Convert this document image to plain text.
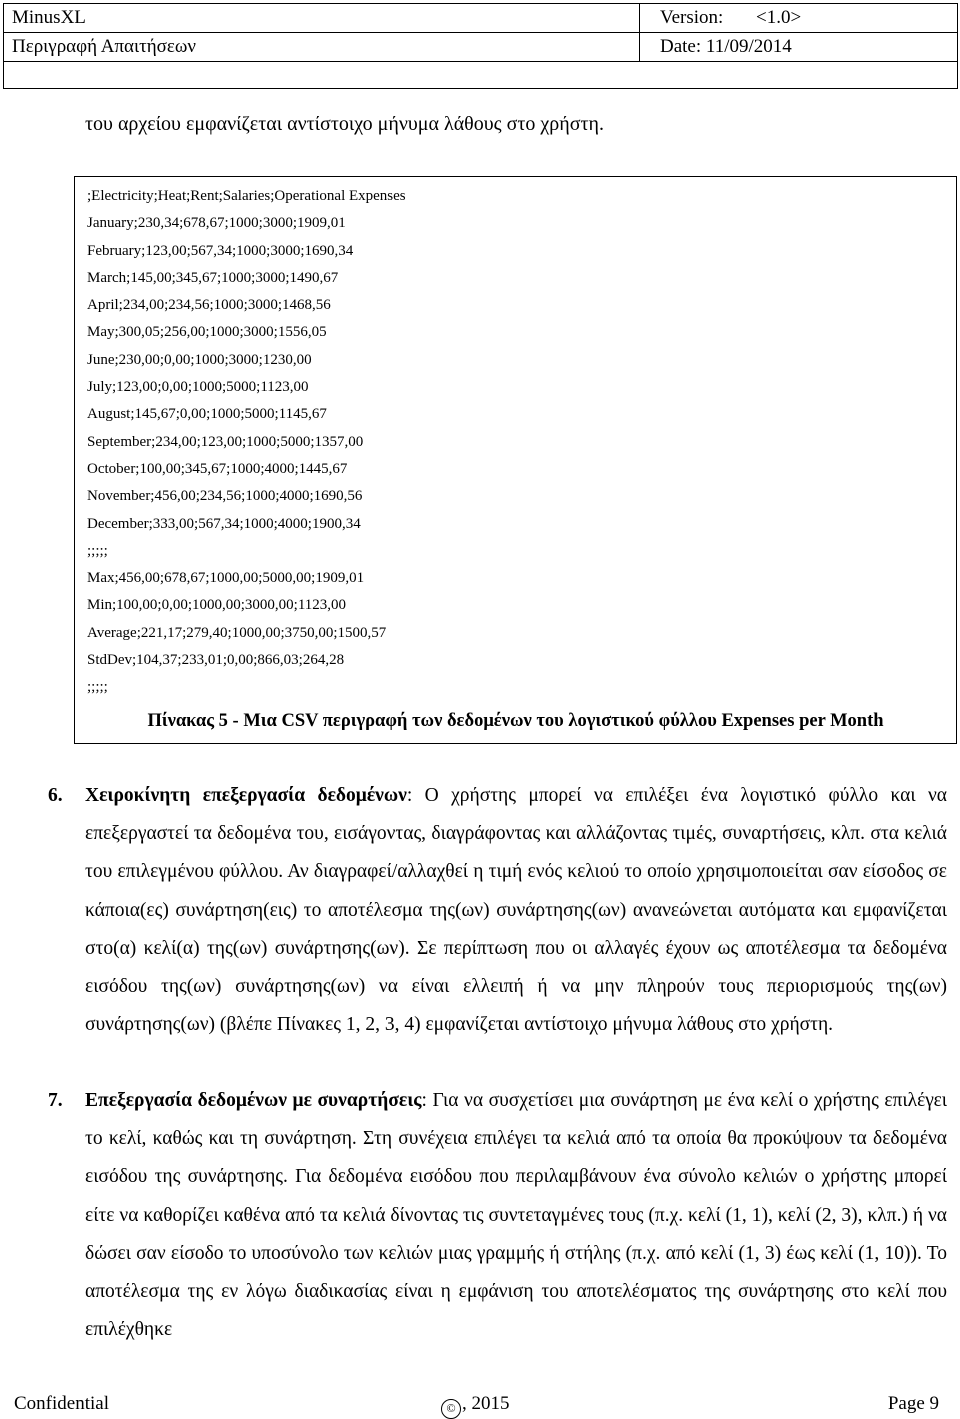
MinusXL	Version: <1.0>
Περιγραφή Απαιτήσεων	Date: 11/09/2014

του αρχείου εμφανίζεται αντίστοιχο μήνυμα λάθους στο χρήστη.
;Electricity;Heat;Rent;Salaries;Operational Expenses
January;230,34;678,67;1000;3000;1909,01
February;123,00;567,34;1000;3000;1690,34
March;145,00;345,67;1000;3000;1490,67
April;234,00;234,56;1000;3000;1468,56
May;300,05;256,00;1000;3000;1556,05
June;230,00;0,00;1000;3000;1230,00
July;123,00;0,00;1000;5000;1123,00
August;145,67;0,00;1000;5000;1145,67
September;234,00;123,00;1000;5000;1357,00
October;100,00;345,67;1000;4000;1445,67
November;456,00;234,56;1000;4000;1690,56
December;333,00;567,34;1000;4000;1900,34
;;;;;
Max;456,00;678,67;1000,00;5000,00;1909,01
Min;100,00;0,00;1000,00;3000,00;1123,00
Average;221,17;279,40;1000,00;3750,00;1500,57
StdDev;104,37;233,01;0,00;866,03;264,28
;;;;;
Πίνακας 5 - Μια CSV περιγραφή των δεδομένων του λογιστικού φύλλου Expenses per Month
6. Χειροκίνητη επεξεργασία δεδομένων: Ο χρήστης μπορεί να επιλέξει ένα λογιστικό φύλλο και να επεξεργαστεί τα δεδομένα του, εισάγοντας, διαγράφοντας και αλλάζοντας τιμές, συναρτήσεις, κλπ. στα κελιά του επιλεγμένου φύλλου. Αν διαγραφεί/αλλαχθεί η τιμή ενός κελιού το οποίο χρησιμοποιείται σαν είσοδος σε κάποια(ες) συνάρτηση(εις) το αποτέλεσμα της(ων) συνάρτησης(ων) ανανεώνεται αυτόματα και εμφανίζεται στο(α) κελί(α) της(ων) συνάρτησης(ων). Σε περίπτωση που οι αλλαγές έχουν ως αποτέλεσμα τα δεδομένα εισόδου της(ων) συνάρτησης(ων) να είναι ελλειπή ή να μην πληρούν τους περιορισμούς της(ων) συνάρτησης(ων) (βλέπε Πίνακες 1, 2, 3, 4) εμφανίζεται αντίστοιχο μήνυμα λάθους στο χρήστη.
7. Επεξεργασία δεδομένων με συναρτήσεις: Για να συσχετίσει μια συνάρτηση με ένα κελί ο χρήστης επιλέγει το κελί, καθώς και τη συνάρτηση. Στη συνέχεια επιλέγει τα κελιά από τα οποία θα προκύψουν τα δεδομένα εισόδου της συνάρτησης. Για δεδομένα εισόδου που περιλαμβάνουν ένα σύνολο κελιών ο χρήστης μπορεί είτε να καθορίζει καθένα από τα κελιά δίνοντας τις συντεταγμένες τους (π.χ. κελί (1, 1), κελί (2, 3), κλπ.) ή να δώσει σαν είσοδο το υποσύνολο των κελιών μιας γραμμής ή στήλης (π.χ. από κελί (1, 3) έως κελί (1, 10)). Το αποτέλεσμα της εν λόγω διαδικασίας είναι η εμφάνιση του αποτελέσματος της συνάρτησης στο κελί που επιλέχθηκε
Confidential	© , 2015	Page 9
